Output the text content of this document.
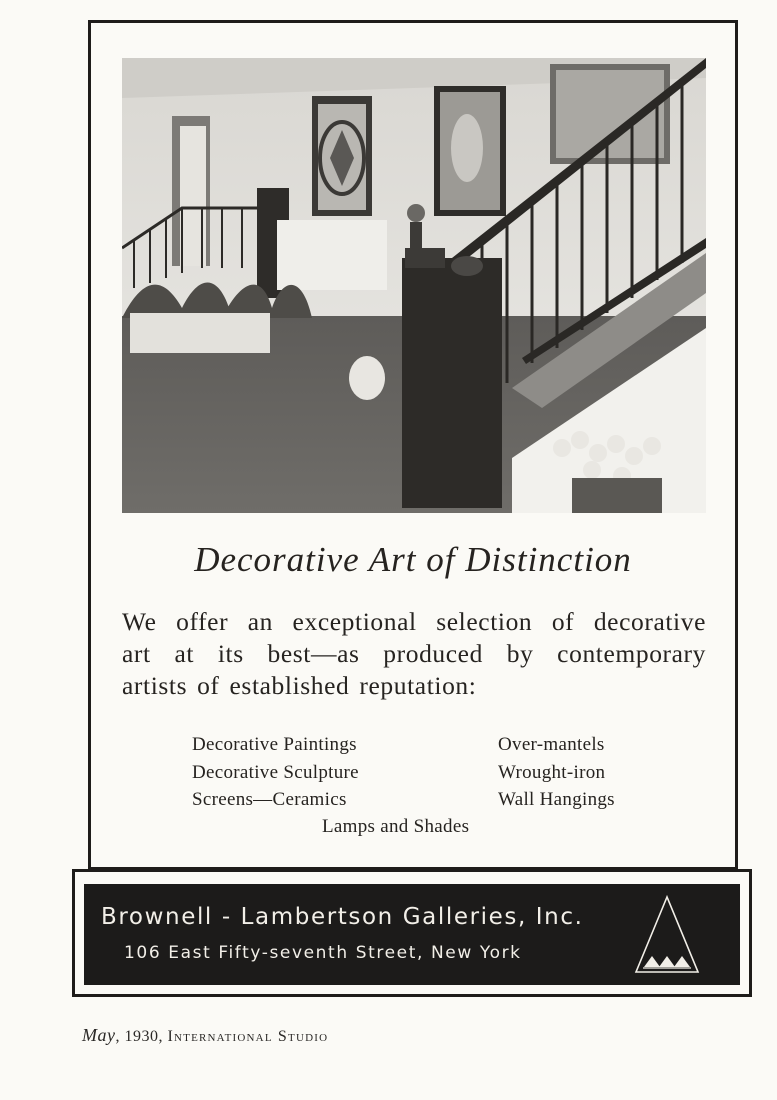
Decorative Art of Distinction
We offer an exceptional selection of decorative
art at its best—as produced by contemporary
artists of established reputation:
Decorative Paintings
Decorative Sculpture
Screens—Ceramics
Over-mantels
Wrought-iron
Wall Hangings
Lamps and Shades
Brownell - Lambertson Galleries, Inc.
106 East Fifty-seventh Street, New York
May, 1930, International Studio
